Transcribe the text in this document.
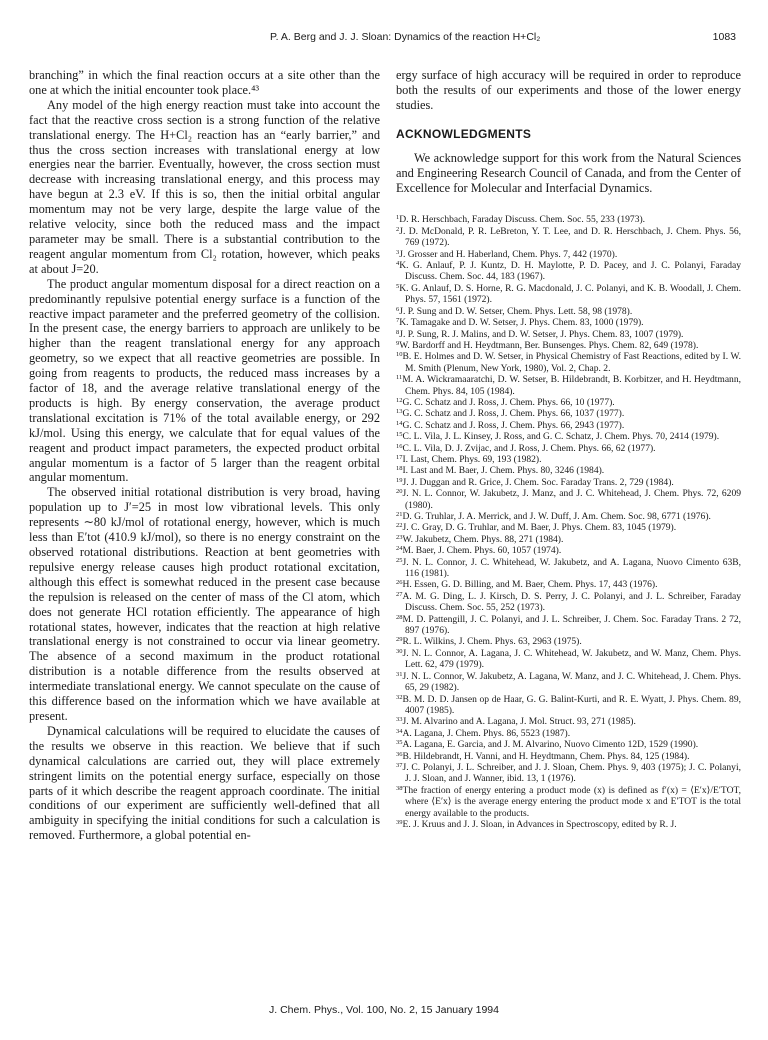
P. A. Berg and J. J. Sloan: Dynamics of the reaction H+Cl₂	1083

branching” in which the final reaction occurs at a site other than the one at which the initial encounter took place.⁴³

Any model of the high energy reaction must take into account the fact that the reactive cross section is a strong function of the relative translational energy. The H+Cl₂ reaction has an “early barrier,” and thus the cross section increases with translational energy at low energies near the barrier. Eventually, however, the cross section must decrease with increasing translational energy, and this process may have begun at 2.3 eV. If this is so, then the initial orbital angular momentum may not be very large, despite the large value of the relative velocity, since both the reduced mass and the impact parameter may be small. There is a substantial contribution to the reagent angular momentum from Cl₂ rotation, however, which peaks at about J=20.

The product angular momentum disposal for a direct reaction on a predominantly repulsive potential energy surface is a function of the reactive impact parameter and the preferred geometry of the collision. In the present case, the energy barriers to approach are unlikely to be higher than the reagent translational energy for any approach geometry, so we expect that all reactive geometries are possible. In going from reagents to products, the reduced mass increases by a factor of 18, and the average relative translational energy of the products is high. By energy conservation, the average product translational excitation is 71% of the total available energy, or 292 kJ/mol. Using this energy, we calculate that for equal values of the reagent and product impact parameters, the expected product orbital angular momentum is a factor of 5 larger than the reagent orbital angular momentum.

The observed initial rotational distribution is very broad, having population up to J′=25 in most low vibrational levels. This only represents ∼80 kJ/mol of rotational energy, however, which is much less than E′tot (410.9 kJ/mol), so there is no energy constraint on the observed rotational distributions. Reaction at bent geometries with repulsive energy release causes high product rotational excitation, although this effect is somewhat reduced in the present case because the repulsion is released on the center of mass of the Cl atom, which does not generate HCl rotation efficiently. The appearance of high rotational states, however, indicates that the reaction at high relative translational energy is not constrained to occur via linear geometry. The absence of a second maximum in the product rotational distribution is a notable difference from the results observed at intermediate translational energy. We cannot speculate on the cause of this difference based on the information which we have available at present.

Dynamical calculations will be required to elucidate the causes of the results we observe in this reaction. We believe that if such dynamical calculations are carried out, they will place extremely stringent limits on the potential energy surface, especially on those parts of it which describe the reagent approach coordinate. The initial conditions of our experiment are sufficiently well-defined that all ambiguity in specifying the initial conditions for such a calculation is removed. Furthermore, a global potential en-

ergy surface of high accuracy will be required in order to reproduce both the results of our experiments and those of the lower energy studies.

ACKNOWLEDGMENTS

We acknowledge support for this work from the Natural Sciences and Engineering Research Council of Canada, and from the Center of Excellence for Molecular and Interfacial Dynamics.

$^1$D. R. Herschbach, Faraday Discuss. Chem. Soc. 55, 233 (1973).
$^2$J. D. McDonald, P. R. LeBreton, Y. T. Lee, and D. R. Herschbach, J. Chem. Phys. 56, 769 (1972).
$^3$J. Grosser and H. Haberland, Chem. Phys. 7, 442 (1970).
$^4$K. G. Anlauf, P. J. Kuntz, D. H. Maylotte, P. D. Pacey, and J. C. Polanyi, Faraday Discuss. Chem. Soc. 44, 183 (1967).
$^5$K. G. Anlauf, D. S. Horne, R. G. Macdonald, J. C. Polanyi, and K. B. Woodall, J. Chem. Phys. 57, 1561 (1972).
$^6$J. P. Sung and D. W. Setser, Chem. Phys. Lett. 58, 98 (1978).
$^7$K. Tamagake and D. W. Setser, J. Phys. Chem. 83, 1000 (1979).
$^8$J. P. Sung, R. J. Malins, and D. W. Setser, J. Phys. Chem. 83, 1007 (1979).
$^9$W. Bardorff and H. Heydtmann, Ber. Bunsenges. Phys. Chem. 82, 649 (1978).
$^{10}$B. E. Holmes and D. W. Setser, in Physical Chemistry of Fast Reactions, edited by I. W. M. Smith (Plenum, New York, 1980), Vol. 2, Chap. 2.
$^{11}$M. A. Wickramaaratchi, D. W. Setser, B. Hildebrandt, B. Korbitzer, and H. Heydtmann, Chem. Phys. 84, 105 (1984).
$^{12}$G. C. Schatz and J. Ross, J. Chem. Phys. 66, 10 (1977).
$^{13}$G. C. Schatz and J. Ross, J. Chem. Phys. 66, 1037 (1977).
$^{14}$G. C. Schatz and J. Ross, J. Chem. Phys. 66, 2943 (1977).
$^{15}$C. L. Vila, J. L. Kinsey, J. Ross, and G. C. Schatz, J. Chem. Phys. 70, 2414 (1979).
$^{16}$C. L. Vila, D. J. Zvijac, and J. Ross, J. Chem. Phys. 66, 62 (1977).
$^{17}$I. Last, Chem. Phys. 69, 193 (1982).
$^{18}$I. Last and M. Baer, J. Chem. Phys. 80, 3246 (1984).
$^{19}$J. J. Duggan and R. Grice, J. Chem. Soc. Faraday Trans. 2, 729 (1984).
$^{20}$J. N. L. Connor, W. Jakubetz, J. Manz, and J. C. Whitehead, J. Chem. Phys. 72, 6209 (1980).
$^{21}$D. G. Truhlar, J. A. Merrick, and J. W. Duff, J. Am. Chem. Soc. 98, 6771 (1976).
$^{22}$J. C. Gray, D. G. Truhlar, and M. Baer, J. Phys. Chem. 83, 1045 (1979).
$^{23}$W. Jakubetz, Chem. Phys. 88, 271 (1984).
$^{24}$M. Baer, J. Chem. Phys. 60, 1057 (1974).
$^{25}$J. N. L. Connor, J. C. Whitehead, W. Jakubetz, and A. Lagana, Nuovo Cimento 63B, 116 (1981).
$^{26}$H. Essen, G. D. Billing, and M. Baer, Chem. Phys. 17, 443 (1976).
$^{27}$A. M. G. Ding, L. J. Kirsch, D. S. Perry, J. C. Polanyi, and J. L. Schreiber, Faraday Discuss. Chem. Soc. 55, 252 (1973).
$^{28}$M. D. Pattengill, J. C. Polanyi, and J. L. Schreiber, J. Chem. Soc. Faraday Trans. 2 72, 897 (1976).
$^{29}$R. L. Wilkins, J. Chem. Phys. 63, 2963 (1975).
$^{30}$J. N. L. Connor, A. Lagana, J. C. Whitehead, W. Jakubetz, and W. Manz, Chem. Phys. Lett. 62, 479 (1979).
$^{31}$J. N. L. Connor, W. Jakubetz, A. Lagana, W. Manz, and J. C. Whitehead, J. Chem. Phys. 65, 29 (1982).
$^{32}$B. M. D. D. Jansen op de Haar, G. G. Balint-Kurti, and R. E. Wyatt, J. Phys. Chem. 89, 4007 (1985).
$^{33}$J. M. Alvarino and A. Lagana, J. Mol. Struct. 93, 271 (1985).
$^{34}$A. Lagana, J. Chem. Phys. 86, 5523 (1987).
$^{35}$A. Lagana, E. Garcia, and J. M. Alvarino, Nuovo Cimento 12D, 1529 (1990).
$^{36}$B. Hildebrandt, H. Vanni, and H. Heydtmann, Chem. Phys. 84, 125 (1984).
$^{37}$J. C. Polanyi, J. L. Schreiber, and J. J. Sloan, Chem. Phys. 9, 403 (1975); J. C. Polanyi, J. J. Sloan, and J. Wanner, ibid. 13, 1 (1976).
$^{38}$The fraction of energy entering a product mode (x) is defined as f′(x) = ⟨E′x⟩/E′TOT, where ⟨E′x⟩ is the average energy entering the product mode x and E′TOT is the total energy available to the products.
$^{39}$E. J. Kruus and J. J. Sloan, in Advances in Spectroscopy, edited by R. J.
J. Chem. Phys., Vol. 100, No. 2, 15 January 1994
